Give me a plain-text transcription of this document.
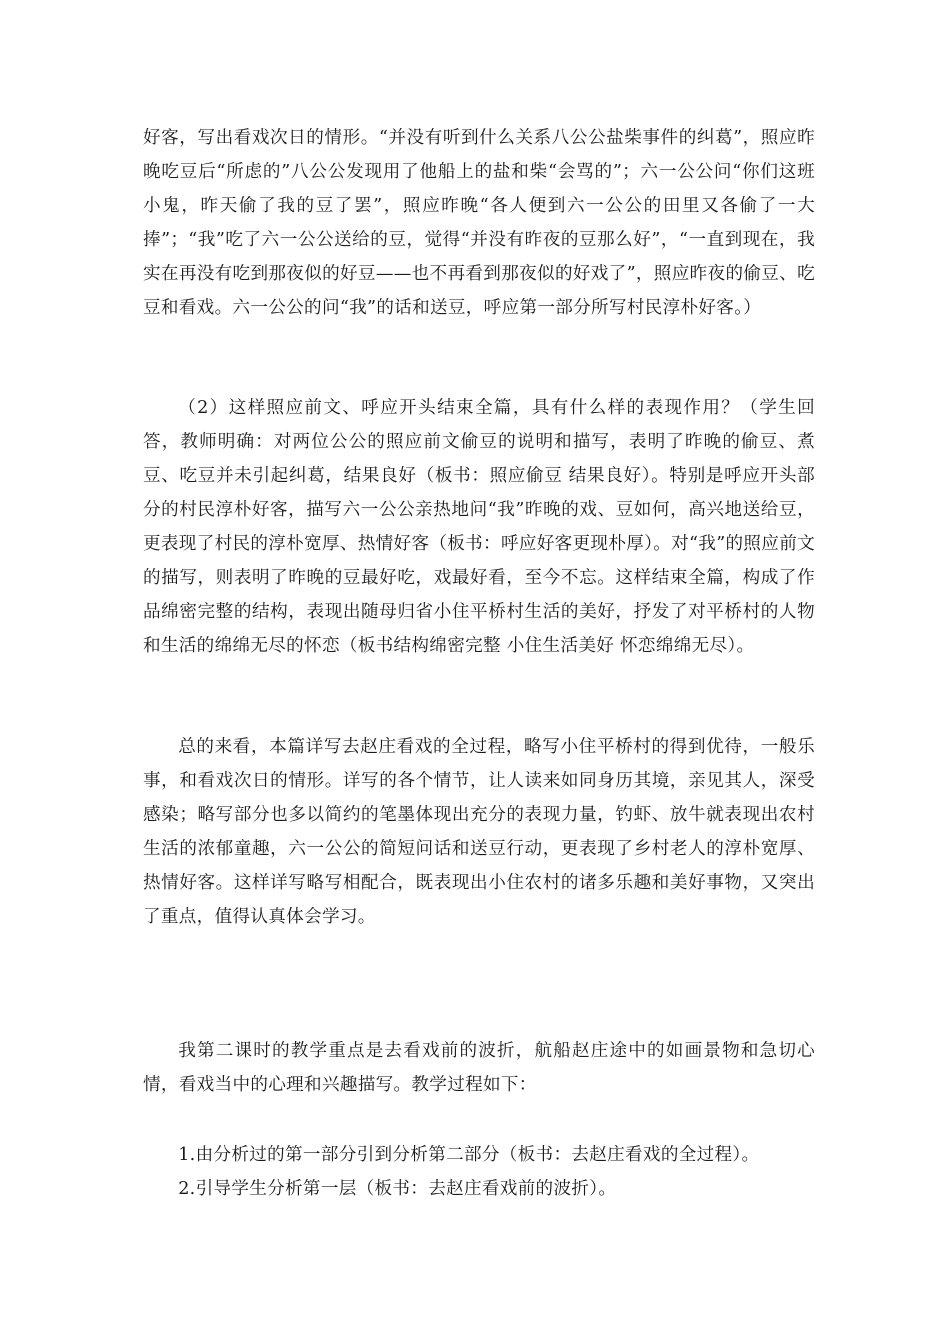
好客，写出看戏次日的情形。“并没有听到什么关系八公公盐柴事件的纠葛”，照应昨晚吃豆后“所虑的”八公公发现用了他船上的盐和柴“会骂的”；六一公公问“你们这班小鬼，昨天偷了我的豆了罢”，照应昨晚“各人便到六一公公的田里又各偷了一大捧”；“我”吃了六一公公送给的豆，觉得“并没有昨夜的豆那么好”，“一直到现在，我实在再没有吃到那夜似的好豆——也不再看到那夜似的好戏了”，照应昨夜的偷豆、吃豆和看戏。六一公公的问“我”的话和送豆，呼应第一部分所写村民淳朴好客。）

（2）这样照应前文、呼应开头结束全篇，具有什么样的表现作用？（学生回答，教师明确：对两位公公的照应前文偷豆的说明和描写，表明了昨晚的偷豆、煮豆、吃豆并未引起纠葛，结果良好（板书：照应偷豆 结果良好）。特别是呼应开头部分的村民淳朴好客，描写六一公公亲热地问“我”昨晚的戏、豆如何，高兴地送给豆，更表现了村民的淳朴宽厚、热情好客（板书：呼应好客更现朴厚）。对“我”的照应前文的描写，则表明了昨晚的豆最好吃，戏最好看，至今不忘。这样结束全篇，构成了作品绵密完整的结构，表现出随母归省小住平桥村生活的美好，抒发了对平桥村的人物和生活的绵绵无尽的怀恋（板书结构绵密完整 小住生活美好 怀恋绵绵无尽）。

总的来看，本篇详写去赵庄看戏的全过程，略写小住平桥村的得到优待，一般乐事，和看戏次日的情形。详写的各个情节，让人读来如同身历其境，亲见其人，深受感染；略写部分也多以简约的笔墨体现出充分的表现力量，钓虾、放牛就表现出农村生活的浓郁童趣，六一公公的简短问话和送豆行动，更表现了乡村老人的淳朴宽厚、热情好客。这样详写略写相配合，既表现出小住农村的诸多乐趣和美好事物，又突出了重点，值得认真体会学习。

我第二课时的教学重点是去看戏前的波折，航船赵庄途中的如画景物和急切心情，看戏当中的心理和兴趣描写。教学过程如下：

1.由分析过的第一部分引到分析第二部分（板书：去赵庄看戏的全过程）。

2.引导学生分析第一层（板书：去赵庄看戏前的波折）。
